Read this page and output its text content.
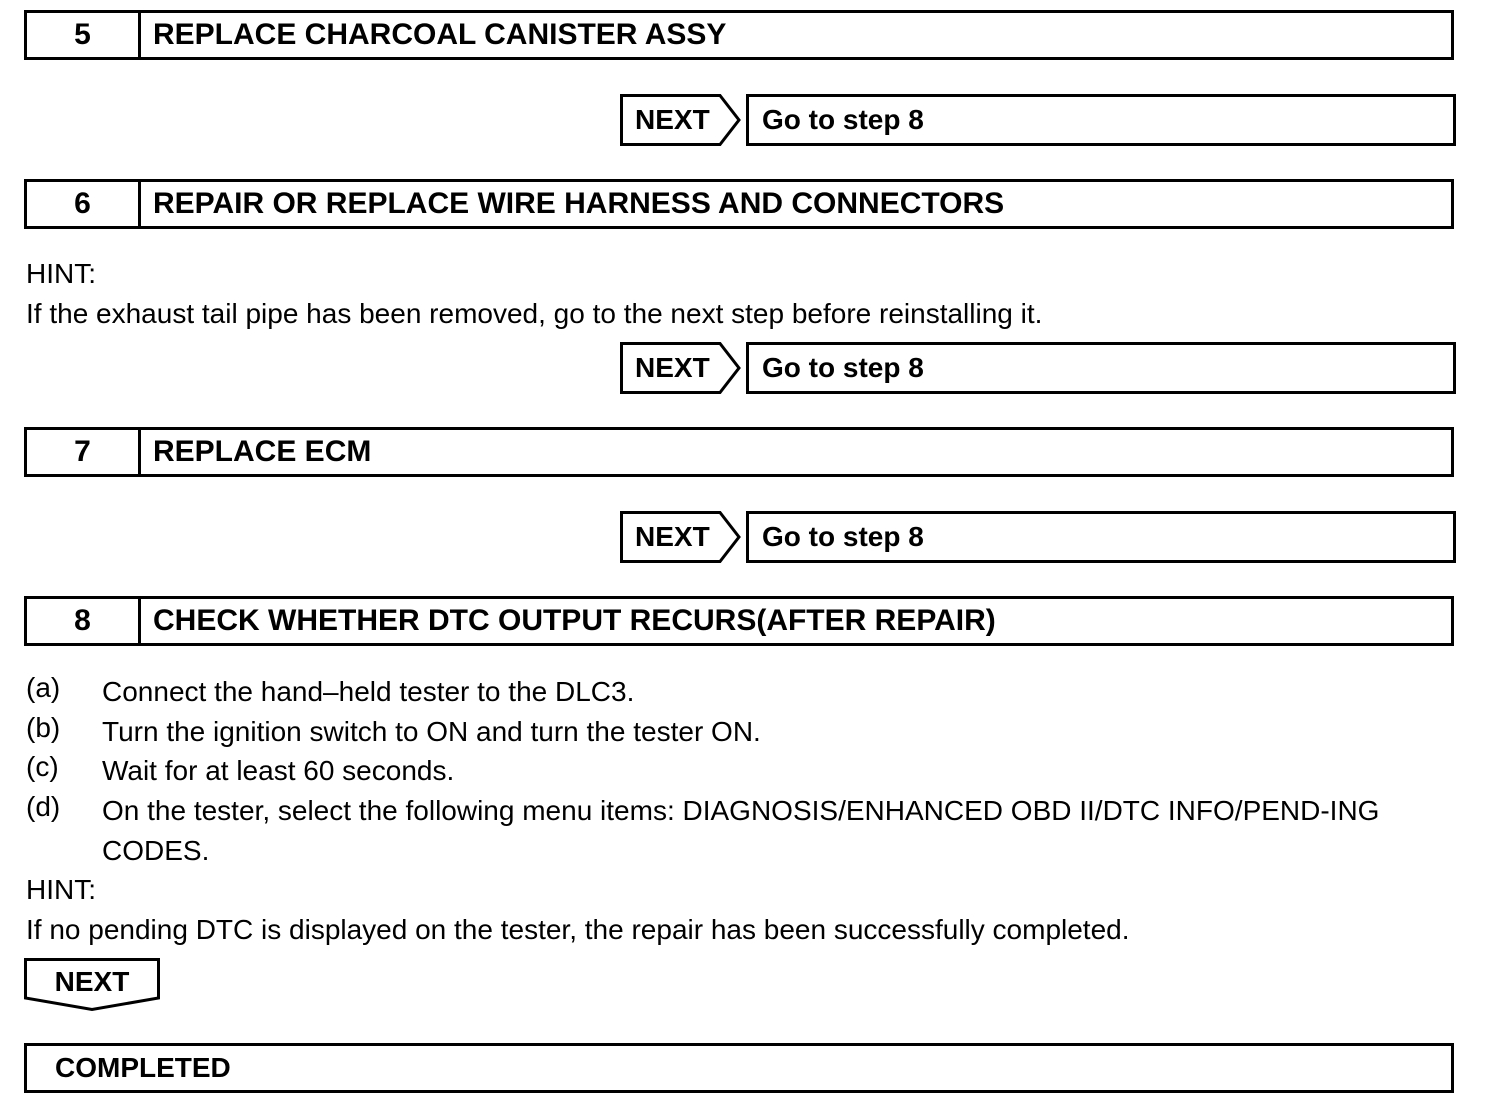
5	REPLACE CHARCOAL CANISTER ASSY
NEXT	Go to step 8
6	REPAIR OR REPLACE WIRE HARNESS AND CONNECTORS
HINT:
If the exhaust tail pipe has been removed, go to the next step before reinstalling it.
NEXT	Go to step 8
7	REPLACE ECM
NEXT	Go to step 8
8	CHECK WHETHER DTC OUTPUT RECURS(AFTER REPAIR)
(a) Connect the hand–held tester to the DLC3.
(b) Turn the ignition switch to ON and turn the tester ON.
(c) Wait for at least 60 seconds.
(d) On the tester, select the following menu items: DIAGNOSIS/ENHANCED OBD II/DTC INFO/PEND-ING CODES.
HINT:
If no pending DTC is displayed on the tester, the repair has been successfully completed.
NEXT
COMPLETED
